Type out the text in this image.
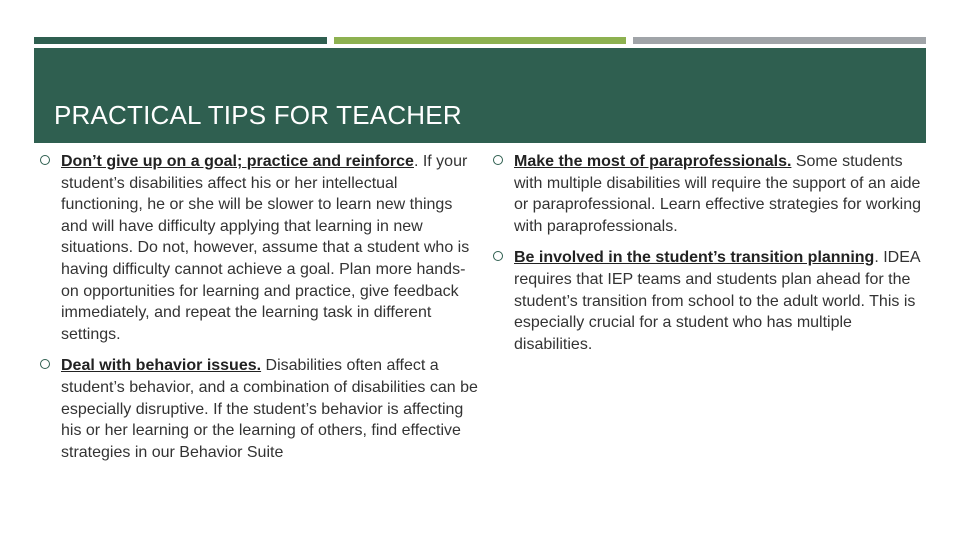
PRACTICAL TIPS FOR TEACHER
Don’t give up on a goal; practice and reinforce. If your student’s disabilities affect his or her intellectual functioning, he or she will be slower to learn new things and will have difficulty applying that learning in new situations. Do not, however, assume that a student who is having difficulty cannot achieve a goal. Plan more hands-on opportunities for learning and practice, give feedback immediately, and repeat the learning task in different settings.
Deal with behavior issues. Disabilities often affect a student’s behavior, and a combination of disabilities can be especially disruptive. If the student’s behavior is affecting his or her learning or the learning of others, find effective strategies in our Behavior Suite
Make the most of paraprofessionals. Some students with multiple disabilities will require the support of an aide or paraprofessional. Learn effective strategies for working with paraprofessionals.
Be involved in the student’s transition planning. IDEA requires that IEP teams and students plan ahead for the student’s transition from school to the adult world. This is especially crucial for a student who has multiple disabilities.
